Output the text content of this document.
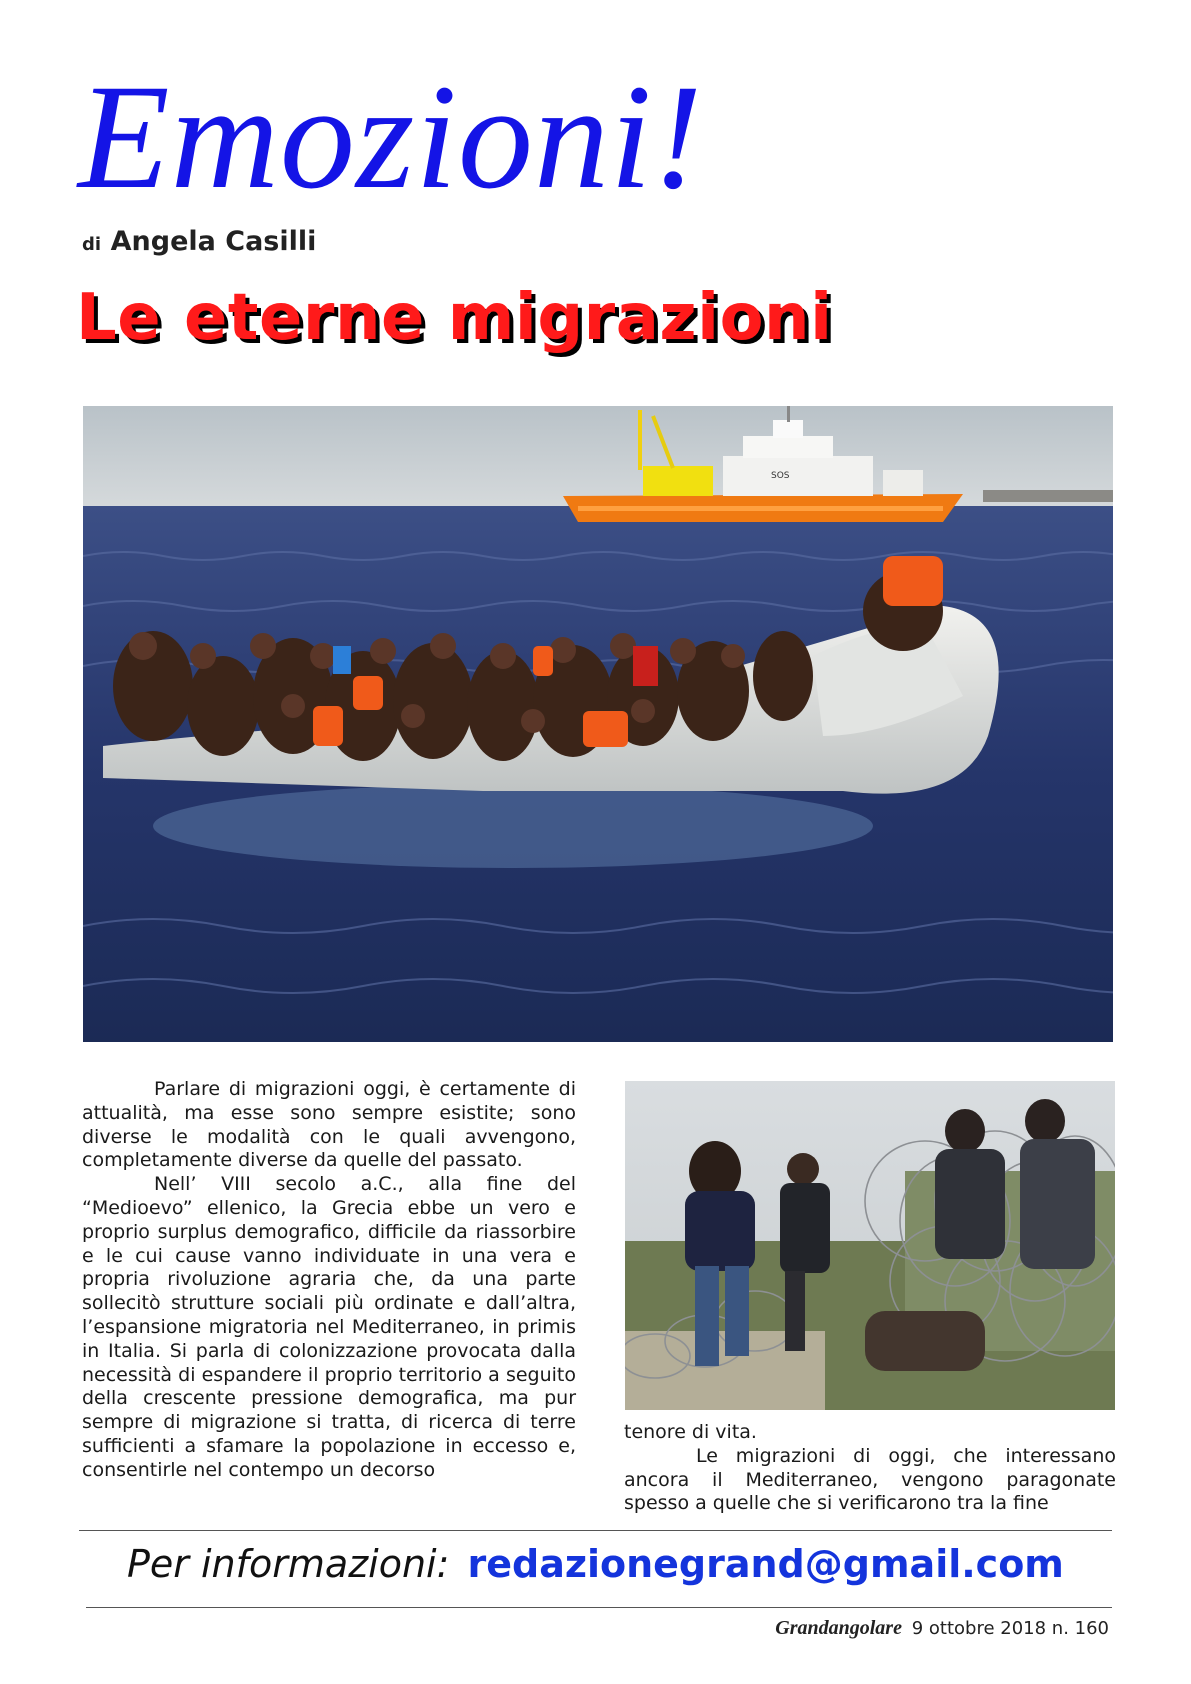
Emozioni!
di Angela Casilli
Le eterne migrazioni
SOS

Parlare di migrazioni oggi, è certamente di attualità, ma esse sono sempre esistite; sono diverse le modalità con le quali avvengono, completamente diverse da quelle del passato.

Nell’ VIII secolo a.C., alla fine del “Medioevo” ellenico, la Grecia ebbe un vero e proprio surplus demografico, difficile da riassorbire e le cui cause vanno individuate in una vera e propria rivoluzione agraria che, da una parte sollecitò strutture sociali più ordinate e dall’altra, l’espansione migratoria nel Mediterraneo, in primis in Italia. Si parla di colonizzazione provocata dalla necessità di espandere il proprio territorio a seguito della crescente pressione demografica, ma pur sempre di migrazione si tratta, di ricerca di terre sufficienti a sfamare la popolazione in eccesso e, consentirle nel contempo un decorso

tenore di vita.

Le migrazioni di oggi, che interessano ancora il Mediterraneo, vengono paragonate spesso a quelle che si verificarono tra la fine

Per informazioni: redazionegrand@gmail.com
Grandangolare 9 ottobre 2018 n. 160
